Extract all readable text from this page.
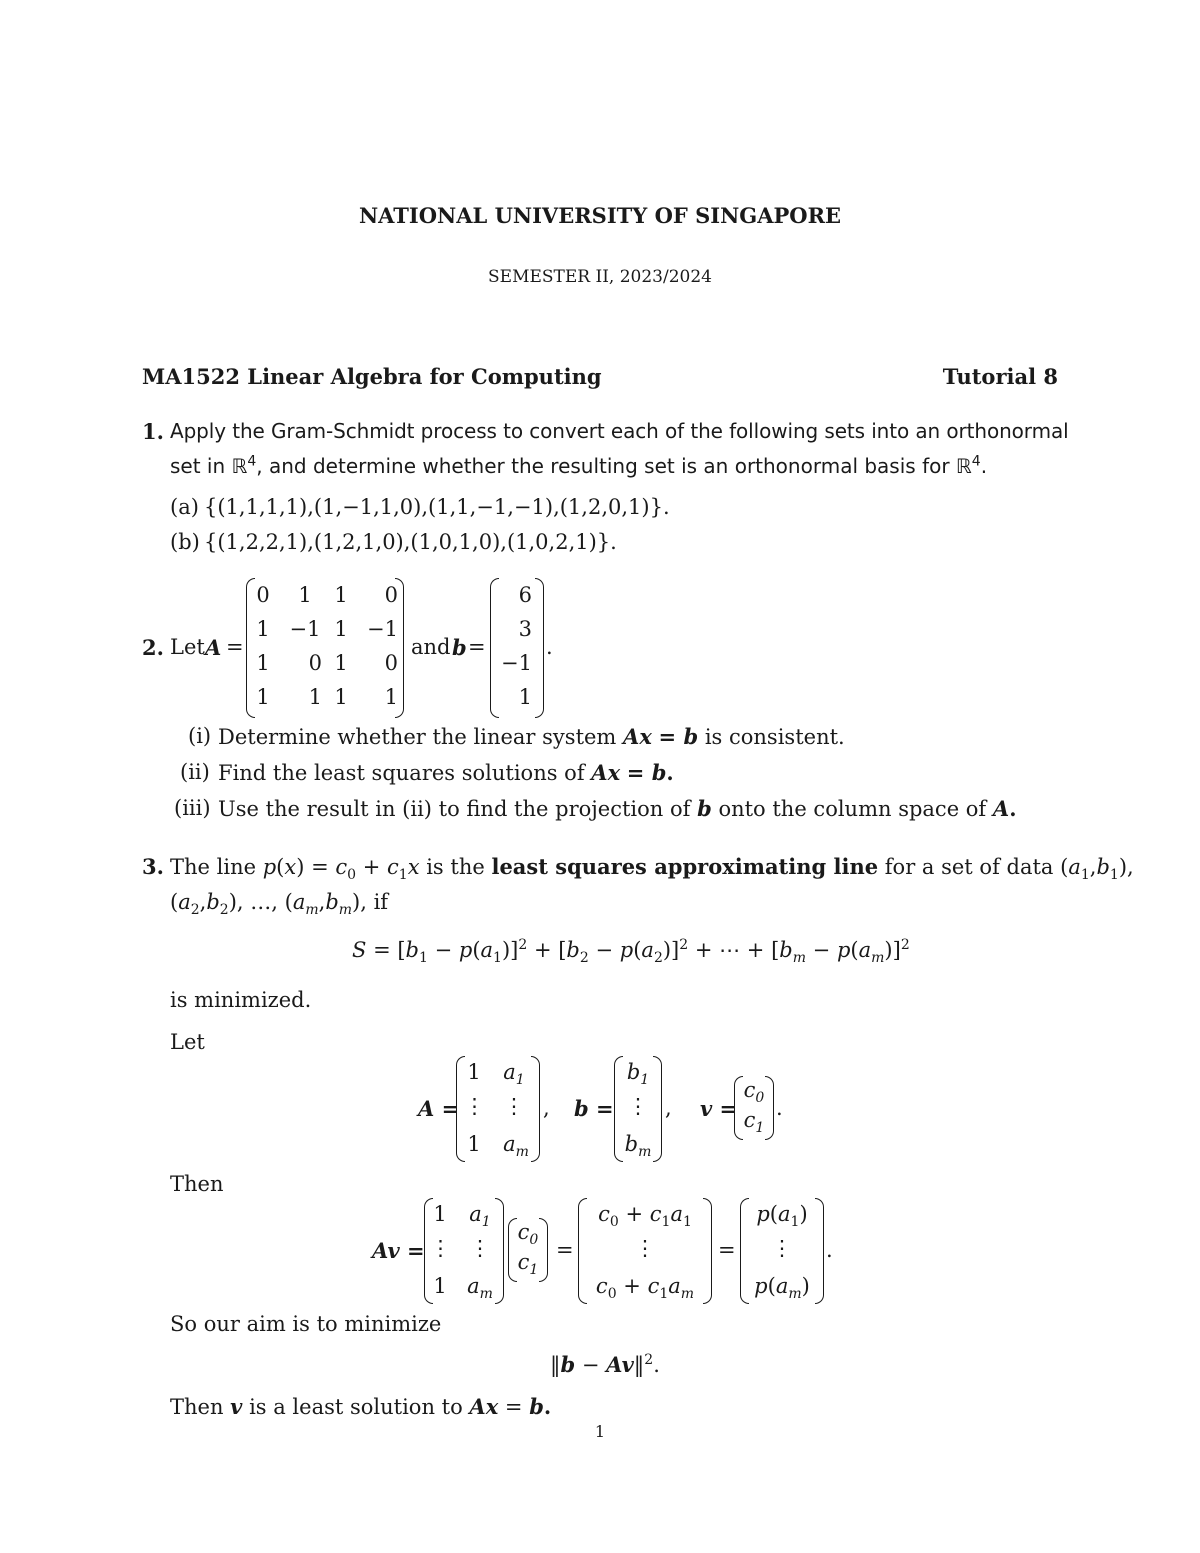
NATIONAL UNIVERSITY OF SINGAPORE
SEMESTER II, 2023/2024
MA1522 Linear Algebra for Computing	Tutorial 8
1. Apply the Gram-Schmidt process to convert each of the following sets into an orthonormal
set in ℝ$^4$, and determine whether the resulting set is an orthonormal basis for ℝ$^4$.
(a) {(1,1,1,1),(1,−1,1,0),(1,1,−1,−1),(1,2,0,1)}.
(b) {(1,2,2,1),(1,2,1,0),(1,0,1,0),(1,0,2,1)}.
2. Let A =
0	1	1	0
1 −1 1 −1
1	0 1	0
1	1 1	1
and b =
6
3
−1
1
.
(i) Determine whether the linear system Ax = b is consistent.
(ii) Find the least squares solutions of Ax = b.
(iii) Use the result in (ii) to find the projection of b onto the column space of A.
3. The line $p(x) = c_0 + c_1x$ is the least squares approximating line for a set of data $(a_1,b_1)$,
$(a_2,b_2)$, …, $(a_m,b_m)$, if
$S = [b_1 - p(a_1)]^2 + [b_2 - p(a_2)]^2$ + ⋯ + $[b_m - p(a_m)]^2$
is minimized.
Let
A =
1	$a_1$
⋮ ⋮
1	$a_m$
, b =
$b_1$
⋮
$b_m$
, v =
$c_0$
$c_1$
.
Then
Av =
1	$a_1$
⋮ ⋮
1 $a_m$
$c_0$
$c_1$
=
$c_0 + c_1a_1$
⋮
$c_0 + c_1a_m$
=
$p(a_1)$
⋮
$p(a_m)$
.
So our aim is to minimize
‖b − Av‖$^2$.
Then v is a least solution to Ax = b.
1
